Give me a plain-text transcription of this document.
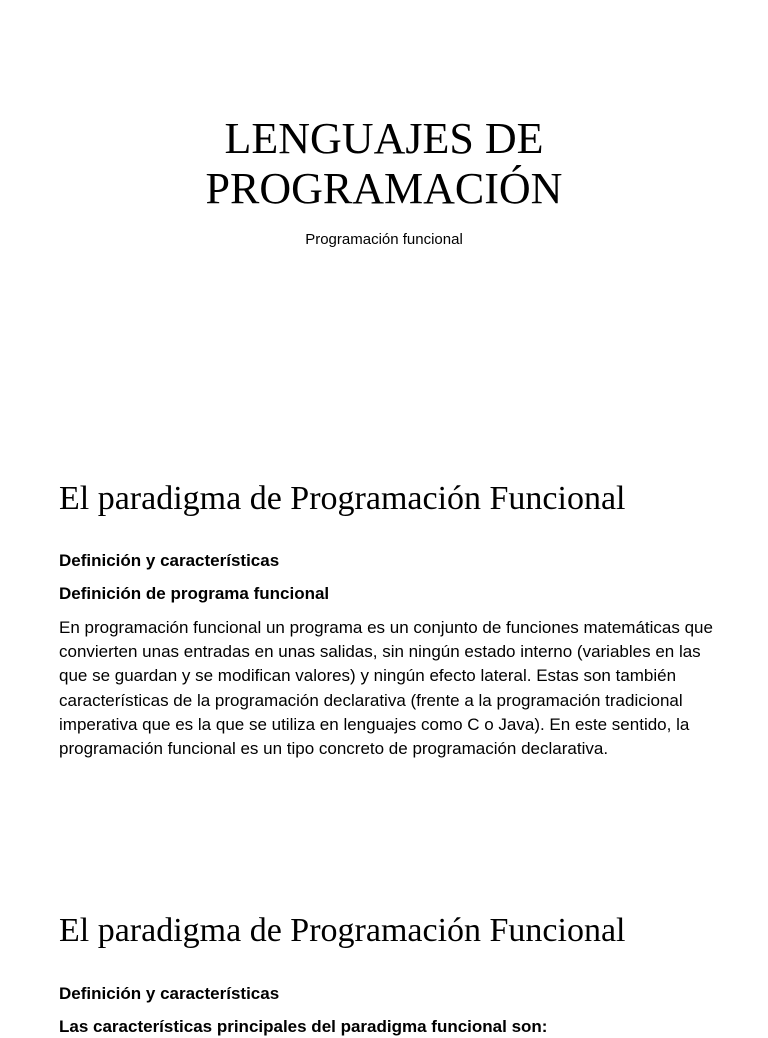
LENGUAJES DE
PROGRAMACIÓN
Programación funcional
El paradigma de Programación Funcional
Definición y características
Definición de programa funcional
En programación funcional un programa es un conjunto de funciones matemáticas que convierten unas entradas en unas salidas, sin ningún estado interno (variables en las que se guardan y se modifican valores) y ningún efecto lateral. Estas son también características de la programación declarativa (frente a la programación tradicional imperativa que es la que se utiliza en lenguajes como C o Java). En este sentido, la programación funcional es un tipo concreto de programación declarativa.
El paradigma de Programación Funcional
Definición y características
Las características principales del paradigma funcional son:
